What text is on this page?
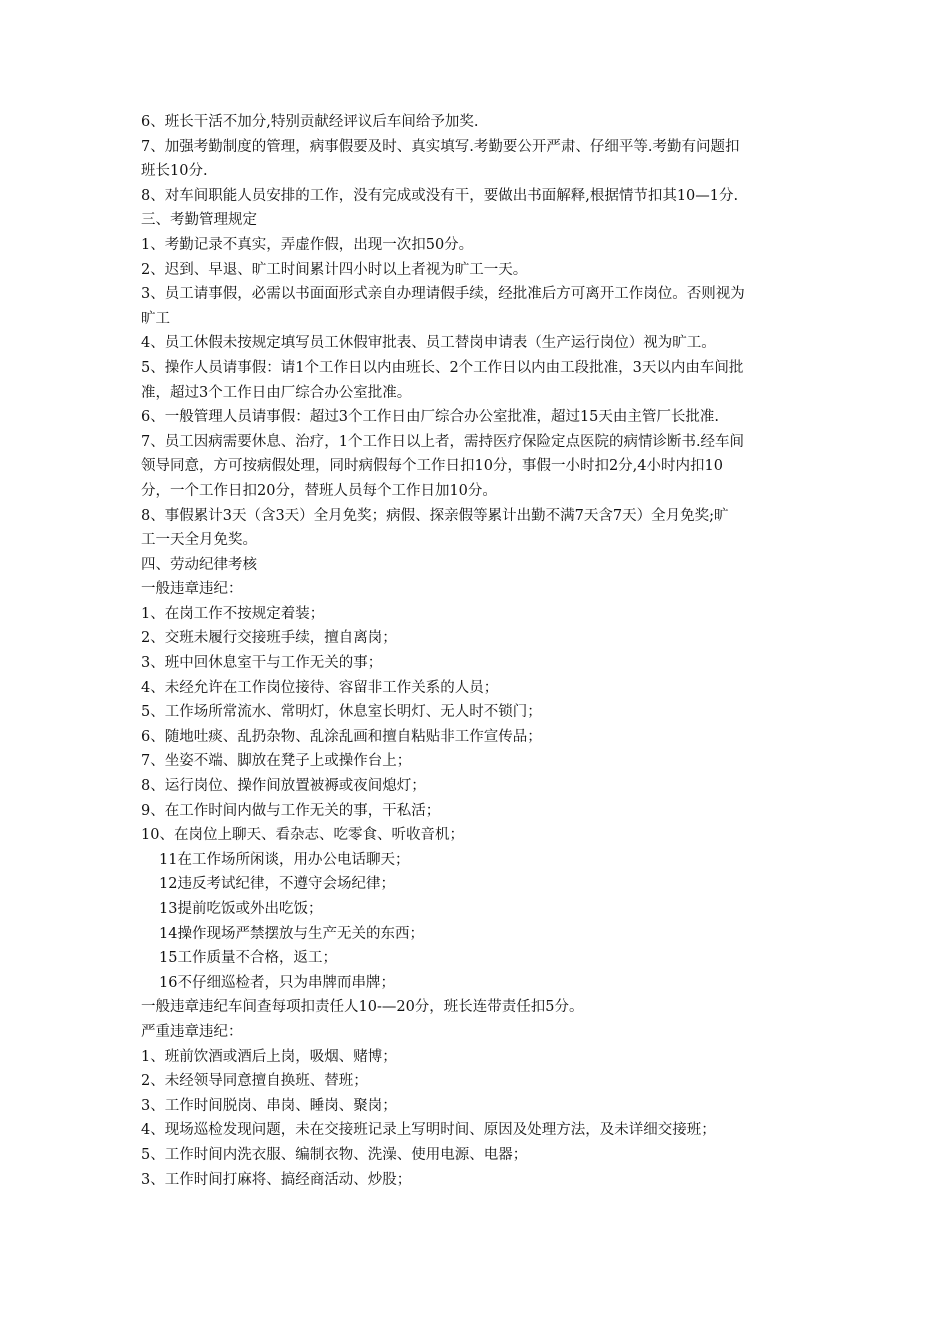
6、班长干活不加分,特别贡献经评议后车间给予加奖.
7、加强考勤制度的管理，病事假要及时、真实填写.考勤要公开严肃、仔细平等.考勤有问题扣
班长10分.
8、对车间职能人员安排的工作，没有完成或没有干，要做出书面解释,根据情节扣其10—1分.
三、考勤管理规定
1、考勤记录不真实，弄虚作假，出现一次扣50分。
2、迟到、早退、旷工时间累计四小时以上者视为旷工一天。
3、员工请事假，必需以书面面形式亲自办理请假手续，经批准后方可离开工作岗位。否则视为
旷工
4、员工休假未按规定填写员工休假审批表、员工替岗申请表（生产运行岗位）视为旷工。
5、操作人员请事假：请1个工作日以内由班长、2个工作日以内由工段批准，3天以内由车间批
准，超过3个工作日由厂综合办公室批准。
6、一般管理人员请事假：超过3个工作日由厂综合办公室批准，超过15天由主管厂长批准.
7、员工因病需要休息、治疗，1个工作日以上者，需持医疗保险定点医院的病情诊断书.经车间
领导同意，方可按病假处理，同时病假每个工作日扣10分，事假一小时扣2分,4小时内扣10
分，一个工作日扣20分，替班人员每个工作日加10分。
8、事假累计3天（含3天）全月免奖；病假、探亲假等累计出勤不满7天含7天）全月免奖;旷
工一天全月免奖。
四、劳动纪律考核
一般违章违纪：
1、在岗工作不按规定着装；
2、交班未履行交接班手续，擅自离岗；
3、班中回休息室干与工作无关的事；
4、未经允许在工作岗位接待、容留非工作关系的人员；
5、工作场所常流水、常明灯，休息室长明灯、无人时不锁门；
6、随地吐痰、乱扔杂物、乱涂乱画和擅自粘贴非工作宣传品；
7、坐姿不端、脚放在凳子上或操作台上；
8、运行岗位、操作间放置被褥或夜间熄灯；
9、在工作时间内做与工作无关的事，干私活；
10、在岗位上聊天、看杂志、吃零食、听收音机；
11在工作场所闲谈，用办公电话聊天；
12违反考试纪律，不遵守会场纪律；
13提前吃饭或外出吃饭；
14操作现场严禁摆放与生产无关的东西；
15工作质量不合格，返工；
16不仔细巡检者，只为串牌而串牌；
一般违章违纪车间查每项扣责任人10-—20分，班长连带责任扣5分。
严重违章违纪：
1、班前饮酒或酒后上岗，吸烟、赌博；
2、未经领导同意擅自换班、替班；
3、工作时间脱岗、串岗、睡岗、聚岗；
4、现场巡检发现问题，未在交接班记录上写明时间、原因及处理方法，及未详细交接班；
5、工作时间内洗衣服、编制衣物、洗澡、使用电源、电器；
3、工作时间打麻将、搞经商活动、炒股；
